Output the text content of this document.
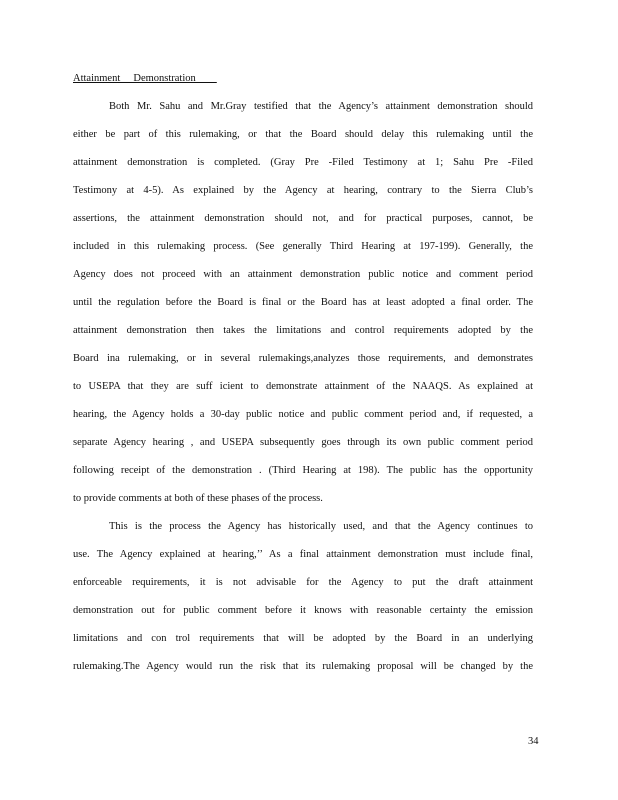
Attainment     Demonstration
Both Mr. Sahu and Mr.Gray testified that the Agency’s attainment demonstration should
either be part of this rulemaking, or that the Board should delay this rulemaking until the
attainment demonstration is completed. (Gray Pre -Filed Testimony at 1; Sahu Pre -Filed
Testimony at 4-5). As explained by the Agency at hearing, contrary to the Sierra Club’s
assertions, the attainment demonstration should not, and for practical purposes, cannot, be
included in this rulemaking process. (See generally Third Hearing at 197-199). Generally, the
Agency does not proceed with an attainment demonstration public notice and comment period
until the regulation before the Board is final or the Board has at least adopted a final order. The
attainment demonstration then takes the limitations and control requirements adopted by the
Board ina rulemaking, or in several rulemakings,analyzes those requirements, and demonstrates
to USEPA that they are suff icient to demonstrate attainment of the NAAQS. As explained at
hearing, the Agency holds a 30-day public notice and public comment period and, if requested, a
separate Agency hearing , and USEPA subsequently goes through its own public comment period
following receipt of the demonstration . (Third Hearing at 198). The public has the opportunity
to provide comments at both of these phases of the process.
This is the process the Agency has historically used, and that the Agency continues to
use. The Agency explained at hearing,’’ As a final attainment demonstration must include final,
enforceable requirements, it is not advisable for the Agency to put the draft attainment
demonstration out for public comment before it knows with reasonable certainty the emission
limitations and con trol requirements that will be adopted by the Board in an underlying
rulemaking.The Agency would run the risk that its rulemaking proposal will be changed by the
34
